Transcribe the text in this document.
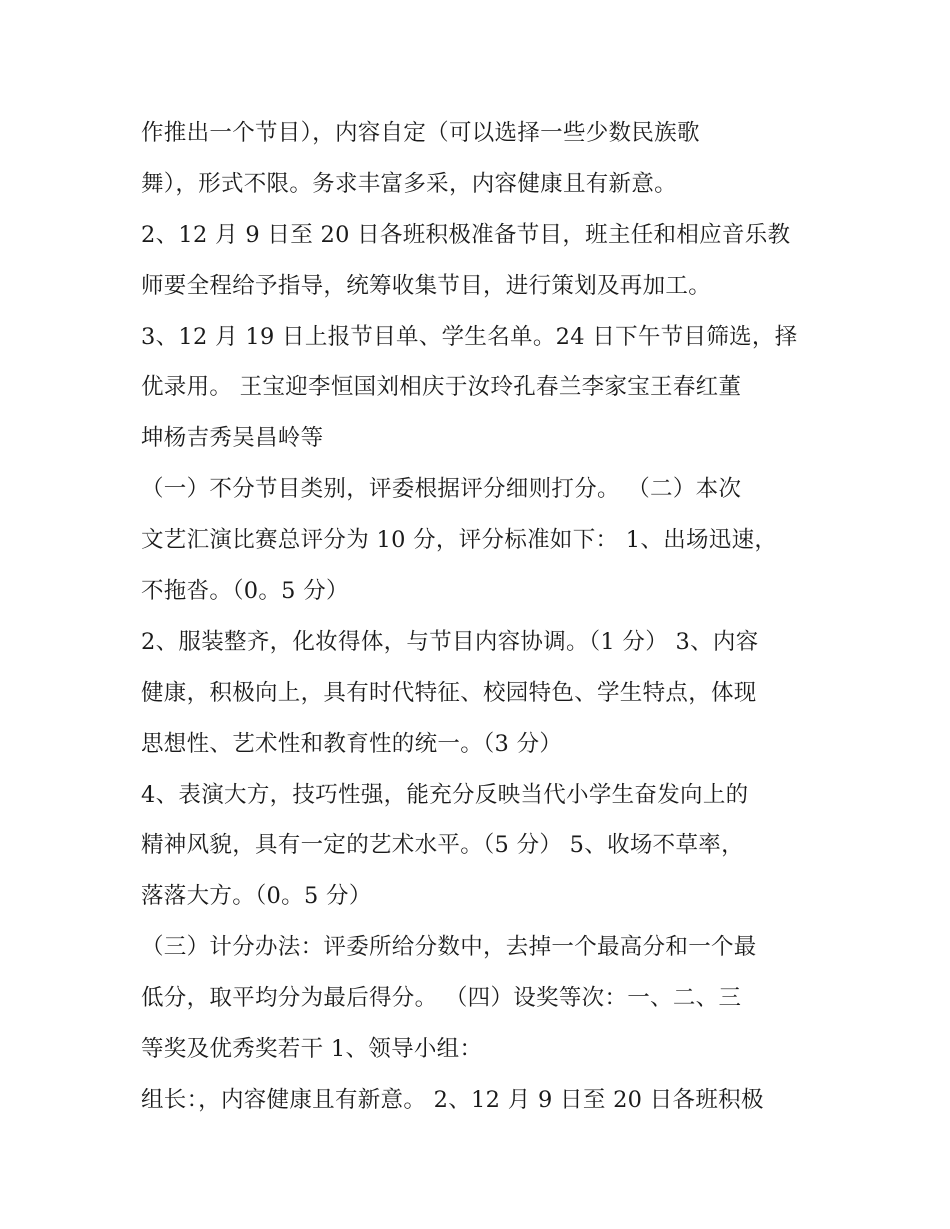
作推出一个节目），内容自定（可以选择一些少数民族歌
舞），形式不限。务求丰富多采，内容健康且有新意。
2、12 月 9 日至 20 日各班积极准备节目，班主任和相应音乐教
师要全程给予指导，统筹收集节目，进行策划及再加工。
3、12 月 19 日上报节目单、学生名单。24 日下午节目筛选，择
优录用。 王宝迎李恒国刘相庆于汝玲孔春兰李家宝王春红董
坤杨吉秀吴昌岭等
（一）不分节目类别，评委根据评分细则打分。 （二）本次
文艺汇演比赛总评分为 10 分，评分标准如下： 1、出场迅速，
不拖沓。（0。5 分）
2、服装整齐，化妆得体，与节目内容协调。（1 分） 3、内容
健康，积极向上，具有时代特征、校园特色、学生特点，体现
思想性、艺术性和教育性的统一。（3 分）
4、表演大方，技巧性强，能充分反映当代小学生奋发向上的
精神风貌，具有一定的艺术水平。（5 分） 5、收场不草率，
落落大方。（0。5 分）
（三）计分办法：评委所给分数中，去掉一个最高分和一个最
低分，取平均分为最后得分。 （四）设奖等次：一、二、三
等奖及优秀奖若干 1、领导小组：
组长：，内容健康且有新意。 2、12 月 9 日至 20 日各班积极
